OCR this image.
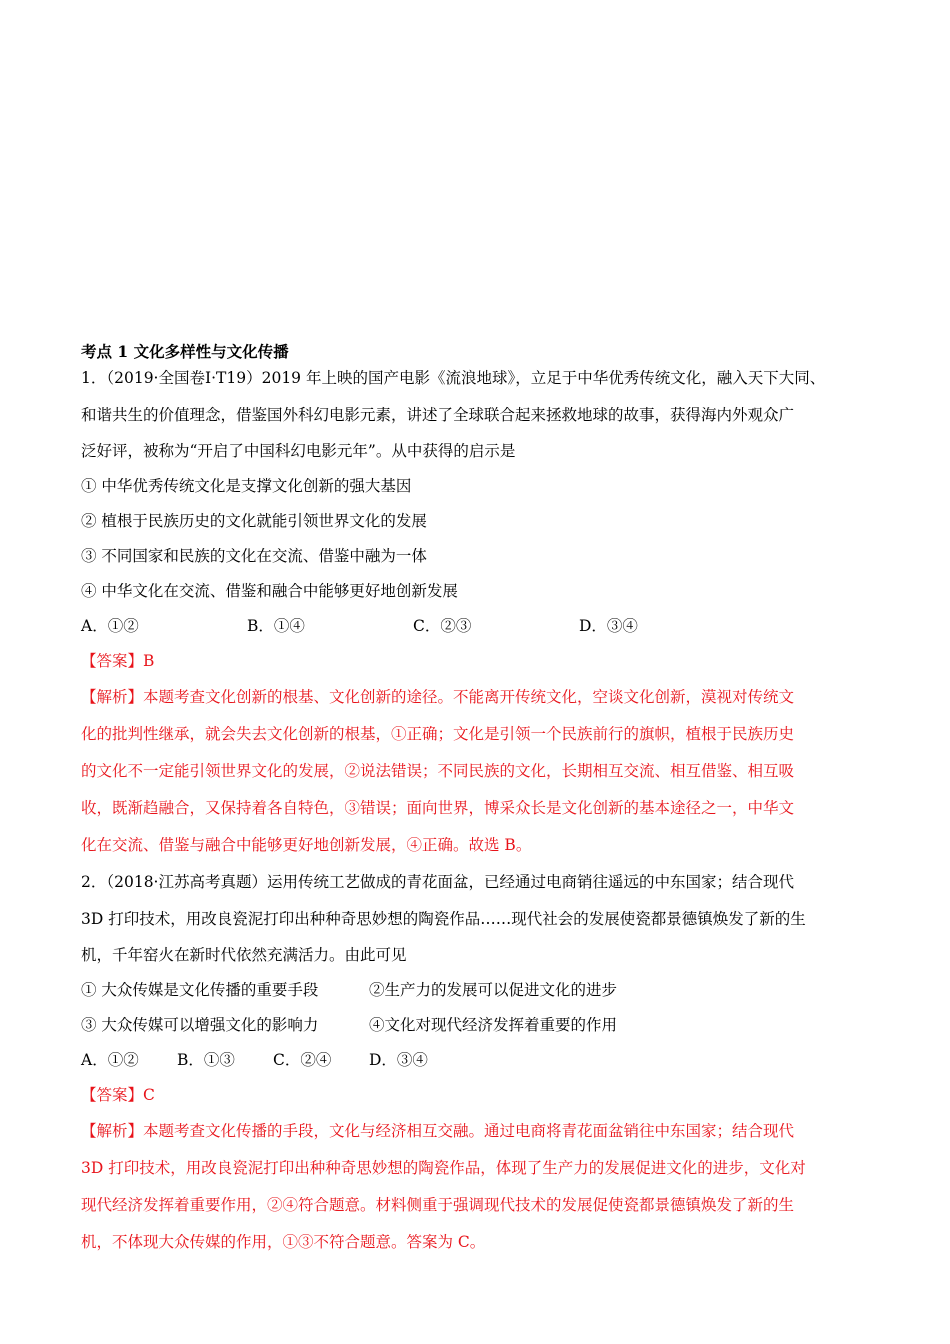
考点 1 文化多样性与文化传播
1．（2019·全国卷Ⅰ·T19）2019 年上映的国产电影《流浪地球》，立足于中华优秀传统文化，融入天下大同、
和谐共生的价值理念，借鉴国外科幻电影元素，讲述了全球联合起来拯救地球的故事，获得海内外观众广
泛好评，被称为“开启了中国科幻电影元年”。从中获得的启示是
① 中华优秀传统文化是支撑文化创新的强大基因
② 植根于民族历史的文化就能引领世界文化的发展
③ 不同国家和民族的文化在交流、借鉴中融为一体
④ 中华文化在交流、借鉴和融合中能够更好地创新发展
A．①②	B．①④	C．②③	D．③④
【答案】B
【解析】本题考查文化创新的根基、文化创新的途径。不能离开传统文化，空谈文化创新，漠视对传统文
化的批判性继承，就会失去文化创新的根基，①正确；文化是引领一个民族前行的旗帜，植根于民族历史
的文化不一定能引领世界文化的发展，②说法错误；不同民族的文化，长期相互交流、相互借鉴、相互吸
收，既渐趋融合，又保持着各自特色，③错误；面向世界，博采众长是文化创新的基本途径之一，中华文
化在交流、借鉴与融合中能够更好地创新发展，④正确。故选 B。
2．（2018·江苏高考真题）运用传统工艺做成的青花面盆，已经通过电商销往遥远的中东国家；结合现代
3D 打印技术，用改良瓷泥打印出种种奇思妙想的陶瓷作品……现代社会的发展使瓷都景德镇焕发了新的生
机，千年窑火在新时代依然充满活力。由此可见
① 大众传媒是文化传播的重要手段	②生产力的发展可以促进文化的进步
③ 大众传媒可以增强文化的影响力	④文化对现代经济发挥着重要的作用
A．①② B．①③ C．②④ D．③④
【答案】C
【解析】本题考查文化传播的手段，文化与经济相互交融。通过电商将青花面盆销往中东国家；结合现代
3D 打印技术，用改良瓷泥打印出种种奇思妙想的陶瓷作品，体现了生产力的发展促进文化的进步，文化对
现代经济发挥着重要作用，②④符合题意。材料侧重于强调现代技术的发展促使瓷都景德镇焕发了新的生
机，不体现大众传媒的作用，①③不符合题意。答案为 C。
